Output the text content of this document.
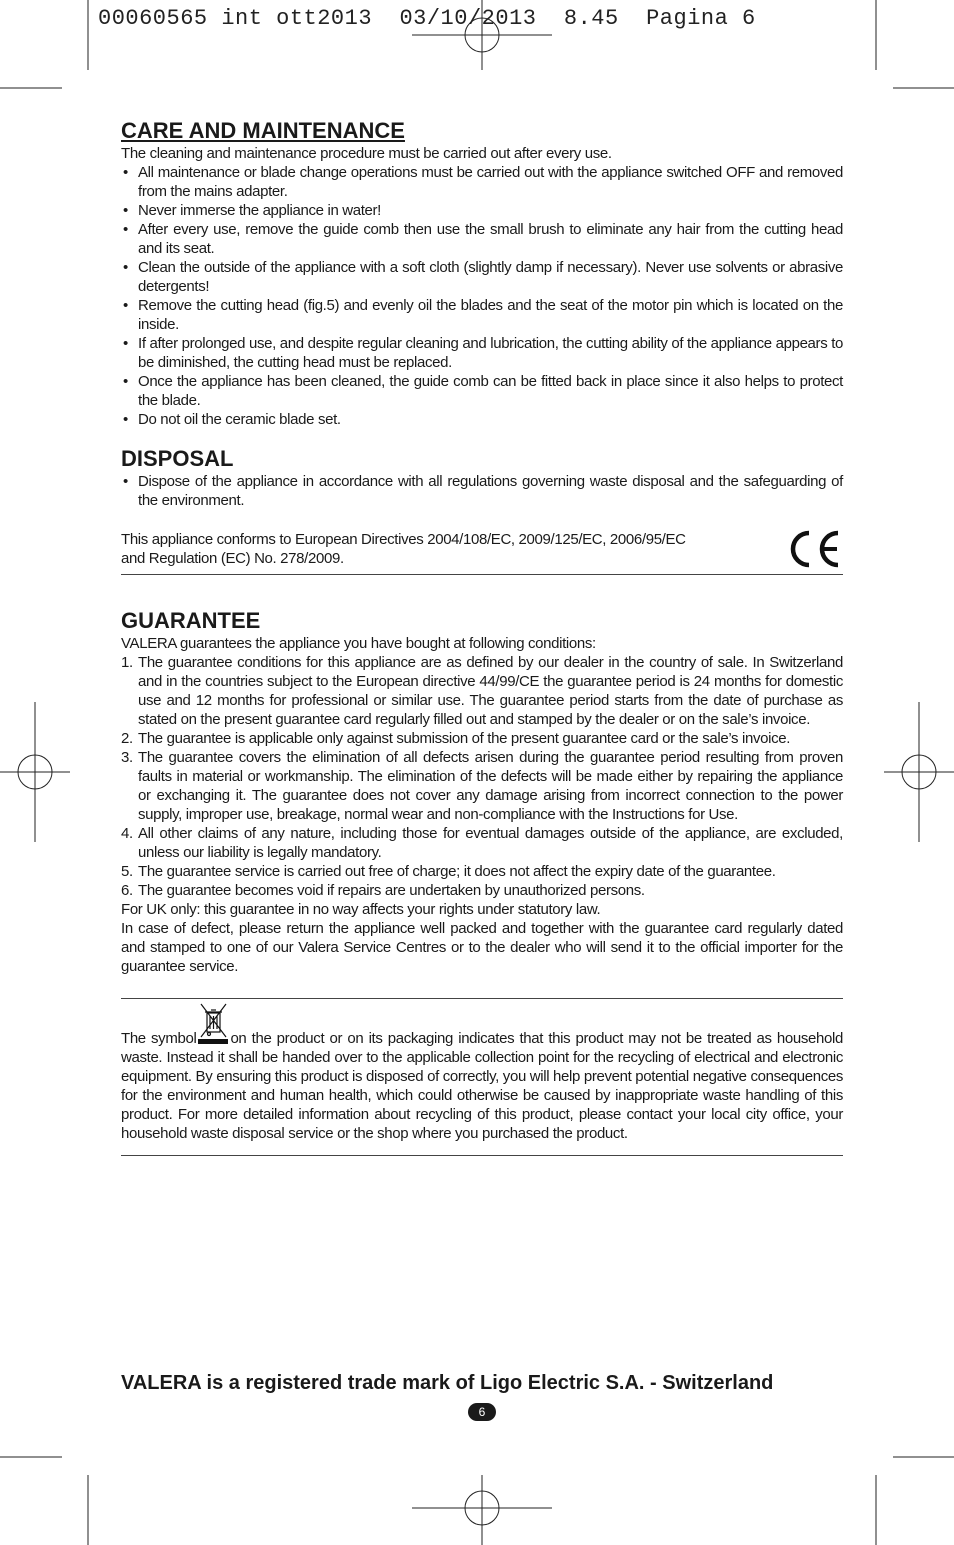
00060565 int ott2013  03/10/2013  8.45  Pagina 6
CARE AND MAINTENANCE

The cleaning and maintenance procedure must be carried out after every use.

• All maintenance or blade change operations must be carried out with the appliance switched OFF and removed from the mains adapter.
• Never immerse the appliance in water!
• After every use, remove the guide comb then use the small brush to eliminate any hair from the cutting head and its seat.
• Clean the outside of the appliance with a soft cloth (slightly damp if necessary). Never use solvents or abrasive detergents!
• Remove the cutting head (fig.5) and evenly oil the blades and the seat of the motor pin which is located on the inside.
• If after prolonged use, and despite regular cleaning and lubrication, the cutting ability of the appliance appears to be diminished, the cutting head must be replaced.
• Once the appliance has been cleaned, the guide comb can be fitted back in place since it also helps to protect the blade.
• Do not oil the ceramic blade set.
DISPOSAL
• Dispose of the appliance in accordance with all regulations governing waste disposal and the safeguarding of the environment.
This appliance conforms to European Directives 2004/108/EC, 2009/125/EC, 2006/95/EC
and Regulation (EC) No. 278/2009.
GUARANTEE

VALERA guarantees the appliance you have bought at following conditions:

1. The guarantee conditions for this appliance are as defined by our dealer in the country of sale. In Switzerland and in the countries subject to the European directive 44/99/CE the guarantee period is 24 months for domestic use and 12 months for professional or similar use. The guarantee period starts from the date of purchase as stated on the present guarantee card regularly filled out and stamped by the dealer or on the sale’s invoice.
2. The guarantee is applicable only against submission of the present guarantee card or the sale’s invoice.
3. The guarantee covers the elimination of all defects arisen during the guarantee period resulting from proven faults in material or workmanship. The elimination of the defects will be made either by repairing the appliance or exchanging it. The guarantee does not cover any damage arising from incorrect connection to the power supply, improper use, breakage, normal wear and non-compliance with the Instructions for Use.
4. All other claims of any nature, including those for eventual damages outside of the appliance, are excluded, unless our liability is legally mandatory.
5. The guarantee service is carried out free of charge; it does not affect the expiry date of the guarantee.
6. The guarantee becomes void if repairs are undertaken by unauthorized persons.

For UK only: this guarantee in no way affects your rights under statutory law.

In case of defect, please return the appliance well packed and together with the guarantee card regularly dated and stamped to one of our Valera Service Centres or to the dealer who will send it to the official importer for the guarantee service.

The symbol on the product or on its packaging indicates that this product may not be treated as household waste. Instead it shall be handed over to the applicable collection point for the recycling of electrical and electronic equipment. By ensuring this product is disposed of correctly, you will help prevent potential negative consequences for the environment and human health, which could otherwise be caused by inappropriate waste handling of this product. For more detailed information about recycling of this product, please contact your local city office, your household waste disposal service or the shop where you purchased the product.

VALERA is a registered trade mark of Ligo Electric S.A. - Switzerland
6
